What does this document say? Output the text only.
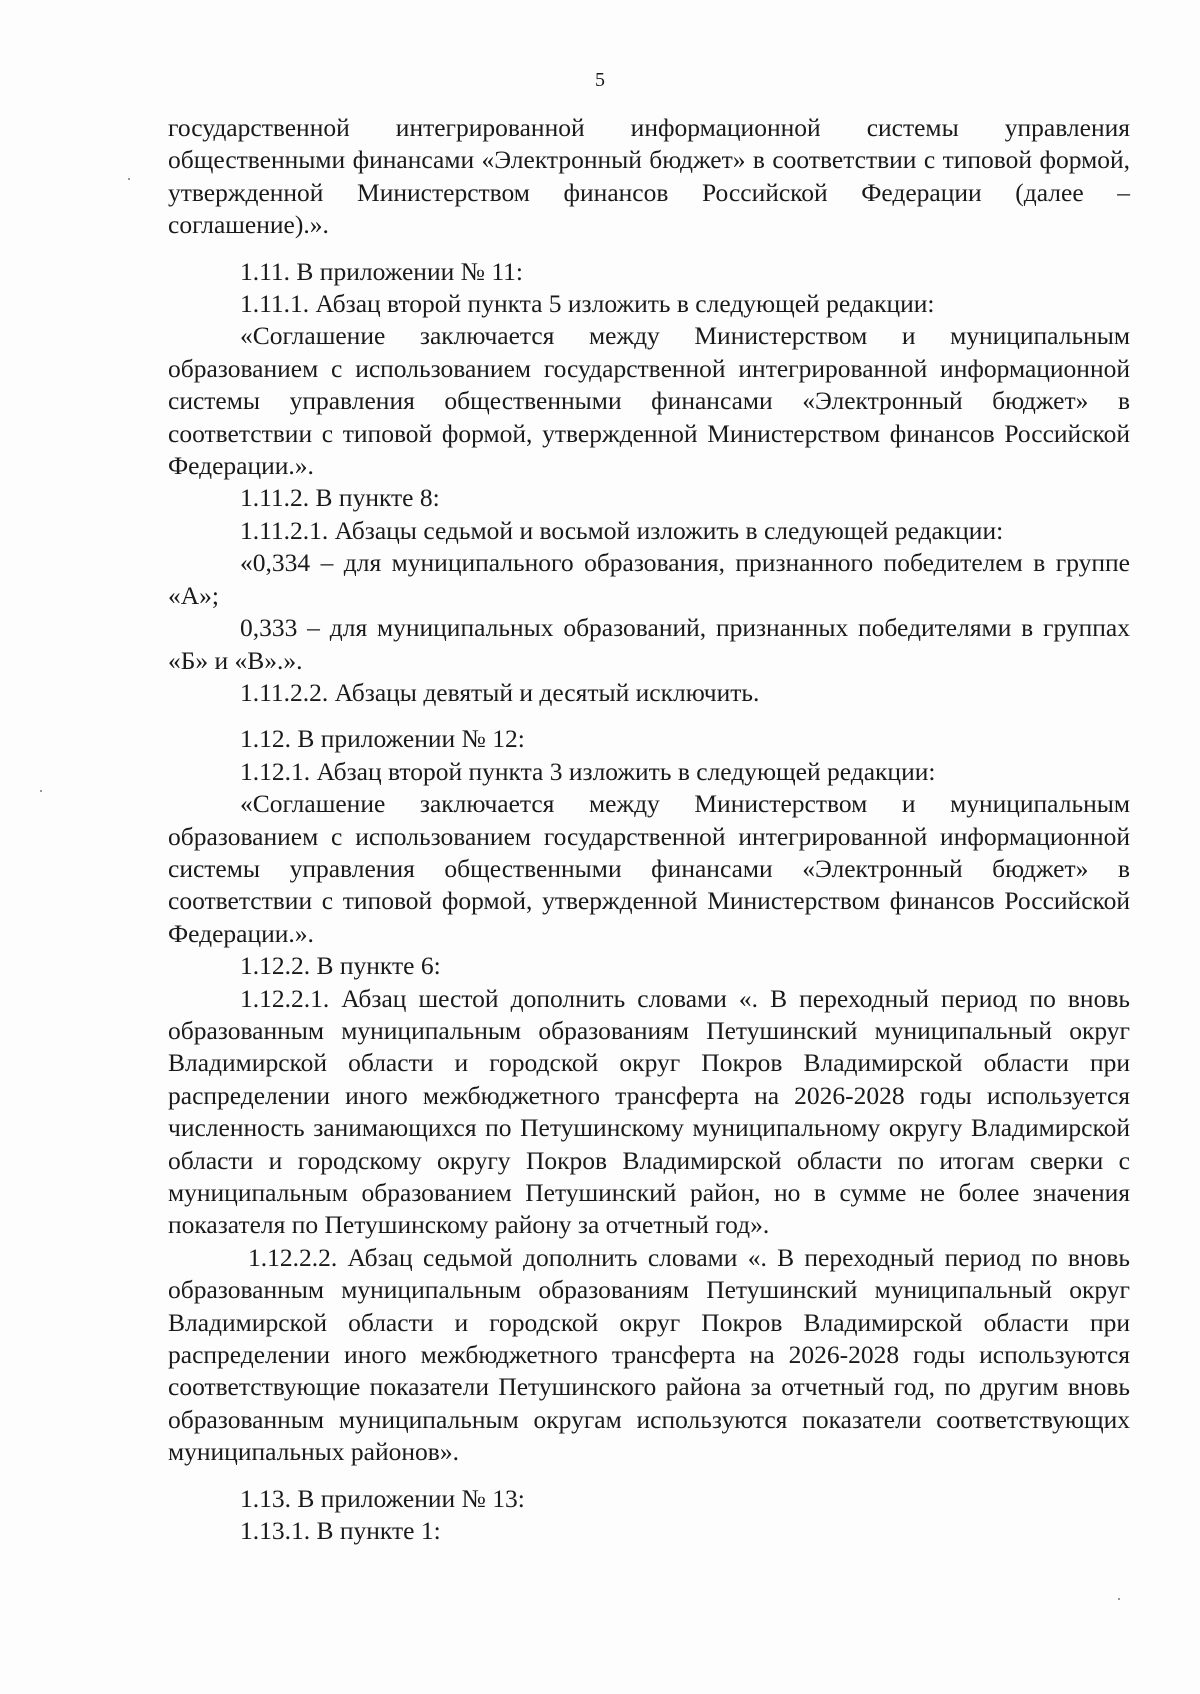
5

государственной интегрированной информационной системы управления общественными финансами «Электронный бюджет» в соответствии с типовой формой, утвержденной Министерством финансов Российской Федерации (далее – соглашение).».

1.11. В приложении № 11:

1.11.1. Абзац второй пункта 5 изложить в следующей редакции:

«Соглашение заключается между Министерством и муниципальным образованием с использованием государственной интегрированной информационной системы управления общественными финансами «Электронный бюджет» в соответствии с типовой формой, утвержденной Министерством финансов Российской Федерации.».

1.11.2. В пункте 8:

1.11.2.1. Абзацы седьмой и восьмой изложить в следующей редакции:

«0,334 – для муниципального образования, признанного победителем в группе «А»;

0,333 – для муниципальных образований, признанных победителями в группах «Б» и «В».».

1.11.2.2. Абзацы девятый и десятый исключить.

1.12. В приложении № 12:

1.12.1. Абзац второй пункта 3 изложить в следующей редакции:

«Соглашение заключается между Министерством и муниципальным образованием с использованием государственной интегрированной информационной системы управления общественными финансами «Электронный бюджет» в соответствии с типовой формой, утвержденной Министерством финансов Российской Федерации.».

1.12.2. В пункте 6:

1.12.2.1. Абзац шестой дополнить словами «. В переходный период по вновь образованным муниципальным образованиям Петушинский муниципальный округ Владимирской области и городской округ Покров Владимирской области при распределении иного межбюджетного трансферта на 2026-2028 годы используется численность занимающихся по Петушинскому муниципальному округу Владимирской области и городскому округу Покров Владимирской области по итогам сверки с муниципальным образованием Петушинский район, но в сумме не более значения показателя по Петушинскому району за отчетный год».

1.12.2.2. Абзац седьмой дополнить словами «. В переходный период по вновь образованным муниципальным образованиям Петушинский муниципальный округ Владимирской области и городской округ Покров Владимирской области при распределении иного межбюджетного трансферта на 2026-2028 годы используются соответствующие показатели Петушинского района за отчетный год, по другим вновь образованным муниципальным округам используются показатели соответствующих муниципальных районов».

1.13. В приложении № 13:

1.13.1. В пункте 1:
